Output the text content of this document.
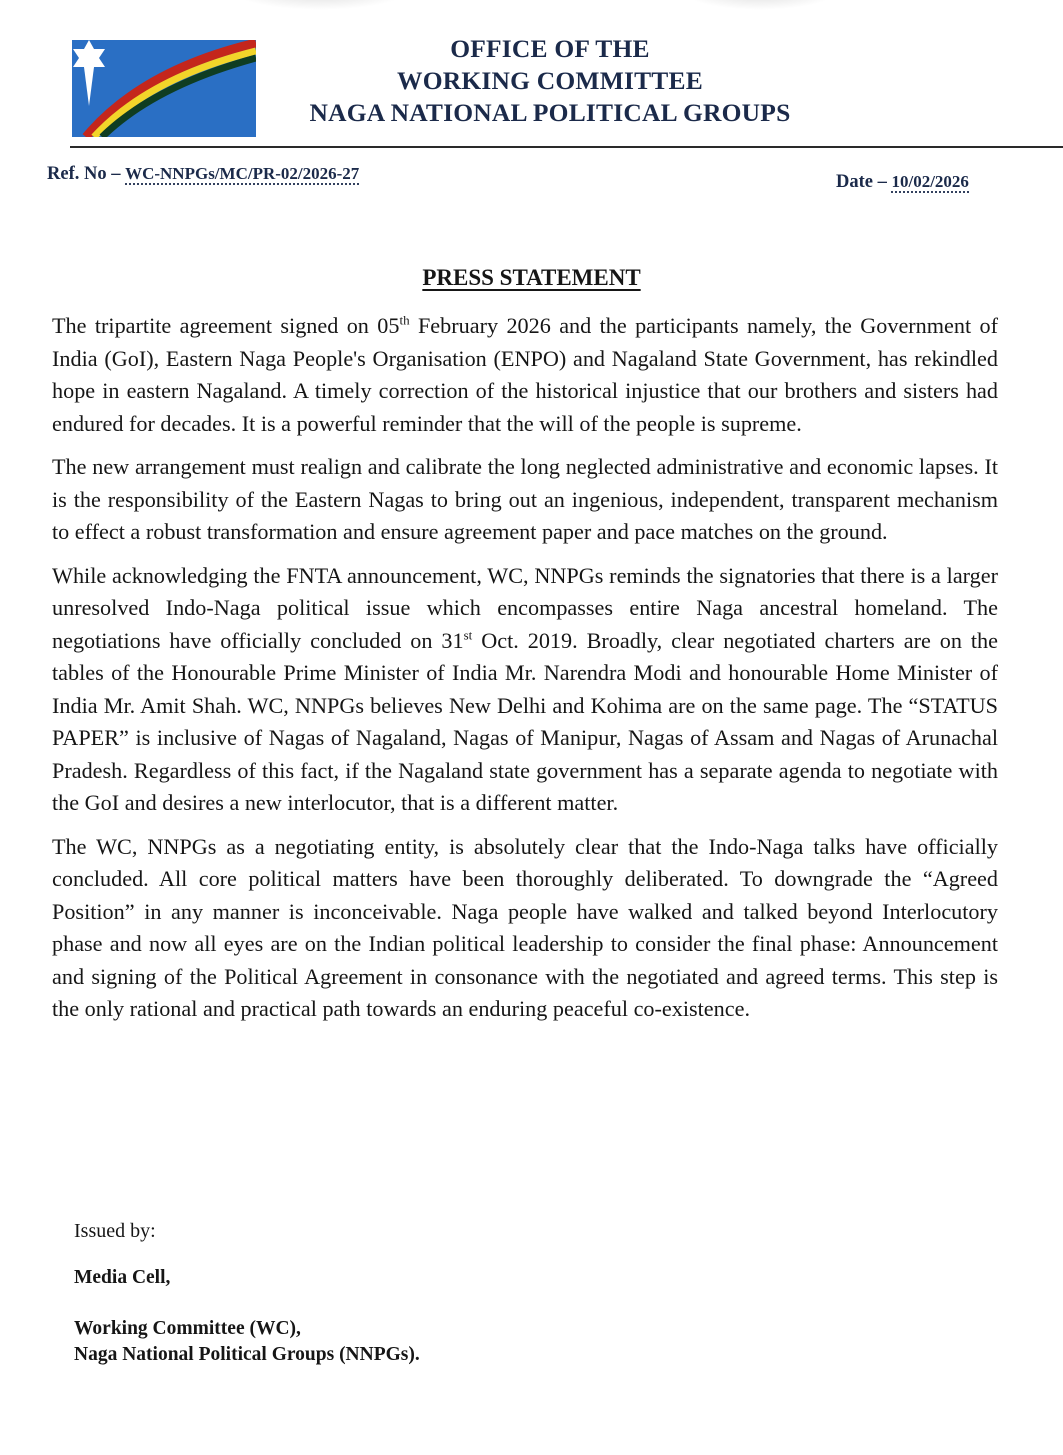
OFFICE OF THE
WORKING COMMITTEE
NAGA NATIONAL POLITICAL GROUPS
Ref. No – WC-NNPGs/MC/PR-02/2026-27	Date – 10/02/2026
PRESS STATEMENT

The tripartite agreement signed on 05th February 2026 and the participants namely, the Government of India (GoI), Eastern Naga People's Organisation (ENPO) and Nagaland State Government, has rekindled hope in eastern Nagaland. A timely correction of the historical injustice that our brothers and sisters had endured for decades. It is a powerful reminder that the will of the people is supreme.

The new arrangement must realign and calibrate the long neglected administrative and economic lapses. It is the responsibility of the Eastern Nagas to bring out an ingenious, independent, transparent mechanism to effect a robust transformation and ensure agreement paper and pace matches on the ground.

While acknowledging the FNTA announcement, WC, NNPGs reminds the signatories that there is a larger unresolved Indo-Naga political issue which encompasses entire Naga ancestral homeland. The negotiations have officially concluded on 31st Oct. 2019. Broadly, clear negotiated charters are on the tables of the Honourable Prime Minister of India Mr. Narendra Modi and honourable Home Minister of India Mr. Amit Shah. WC, NNPGs believes New Delhi and Kohima are on the same page. The “STATUS PAPER” is inclusive of Nagas of Nagaland, Nagas of Manipur, Nagas of Assam and Nagas of Arunachal Pradesh. Regardless of this fact, if the Nagaland state government has a separate agenda to negotiate with the GoI and desires a new interlocutor, that is a different matter.

The WC, NNPGs as a negotiating entity, is absolutely clear that the Indo-Naga talks have officially concluded. All core political matters have been thoroughly deliberated. To downgrade the “Agreed Position” in any manner is inconceivable. Naga people have walked and talked beyond Interlocutory phase and now all eyes are on the Indian political leadership to consider the final phase: Announcement and signing of the Political Agreement in consonance with the negotiated and agreed terms. This step is the only rational and practical path towards an enduring peaceful co-existence.

Issued by:

Media Cell,

Working Committee (WC),

Naga National Political Groups (NNPGs).
